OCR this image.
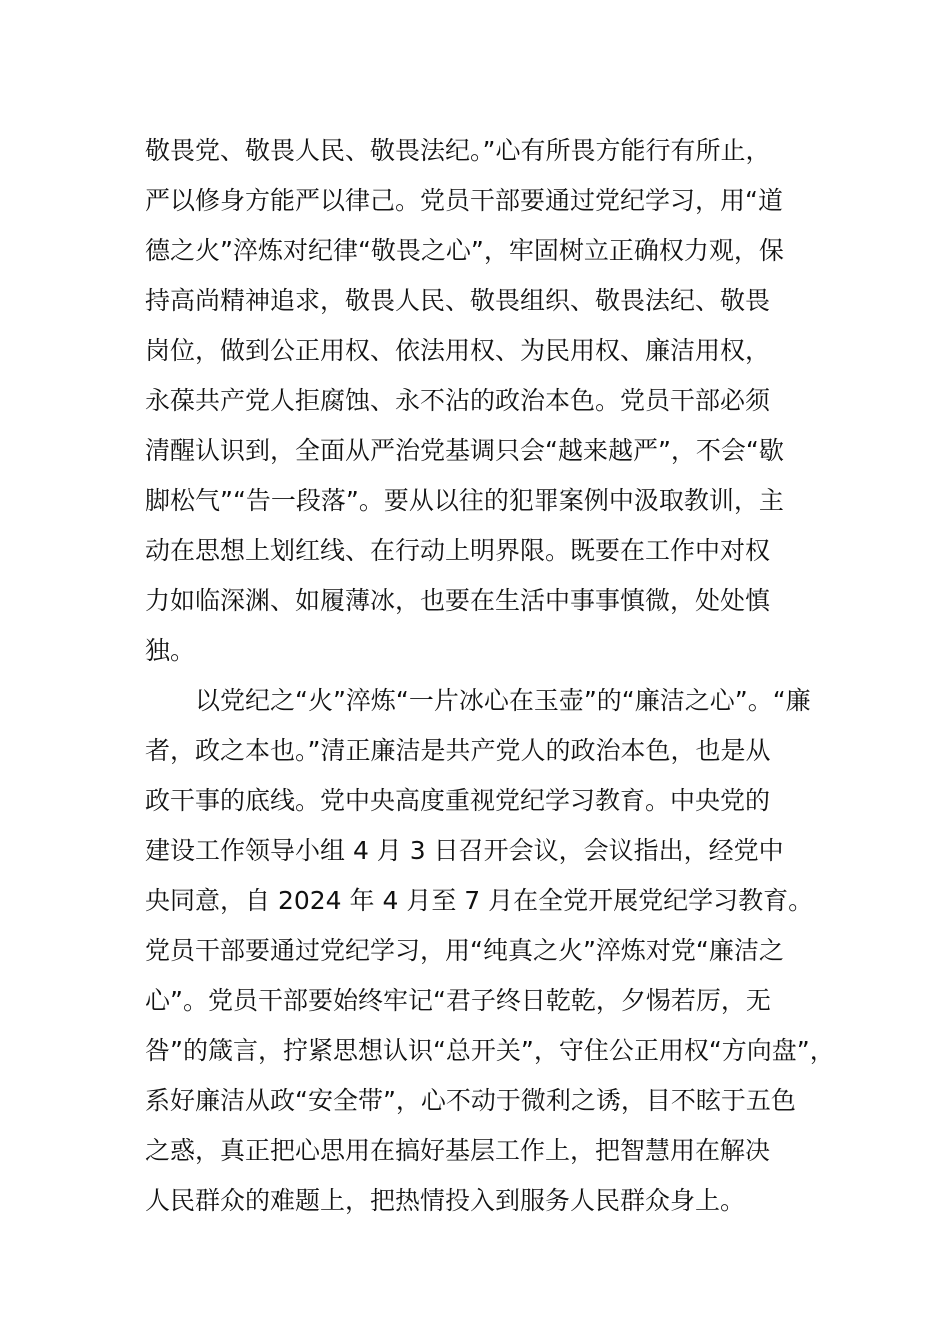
敬畏党、敬畏人民、敬畏法纪。”心有所畏方能行有所止，
严以修身方能严以律己。党员干部要通过党纪学习，用“道
德之火”淬炼对纪律“敬畏之心”，牢固树立正确权力观，保
持高尚精神追求，敬畏人民、敬畏组织、敬畏法纪、敬畏
岗位，做到公正用权、依法用权、为民用权、廉洁用权，
永葆共产党人拒腐蚀、永不沾的政治本色。党员干部必须
清醒认识到，全面从严治党基调只会“越来越严”，不会“歇
脚松气”“告一段落”。要从以往的犯罪案例中汲取教训，主
动在思想上划红线、在行动上明界限。既要在工作中对权
力如临深渊、如履薄冰，也要在生活中事事慎微，处处慎
独。
以党纪之“火”淬炼“一片冰心在玉壶”的“廉洁之心”。“廉
者，政之本也。”清正廉洁是共产党人的政治本色，也是从
政干事的底线。党中央高度重视党纪学习教育。中央党的
建设工作领导小组 4 月 3 日召开会议，会议指出，经党中
央同意，自 2024 年 4 月至 7 月在全党开展党纪学习教育。
党员干部要通过党纪学习，用“纯真之火”淬炼对党“廉洁之
心”。党员干部要始终牢记“君子终日乾乾，夕惕若厉，无
咎”的箴言，拧紧思想认识“总开关”，守住公正用权“方向盘”，
系好廉洁从政“安全带”，心不动于微利之诱，目不眩于五色
之惑，真正把心思用在搞好基层工作上，把智慧用在解决
人民群众的难题上，把热情投入到服务人民群众身上。
